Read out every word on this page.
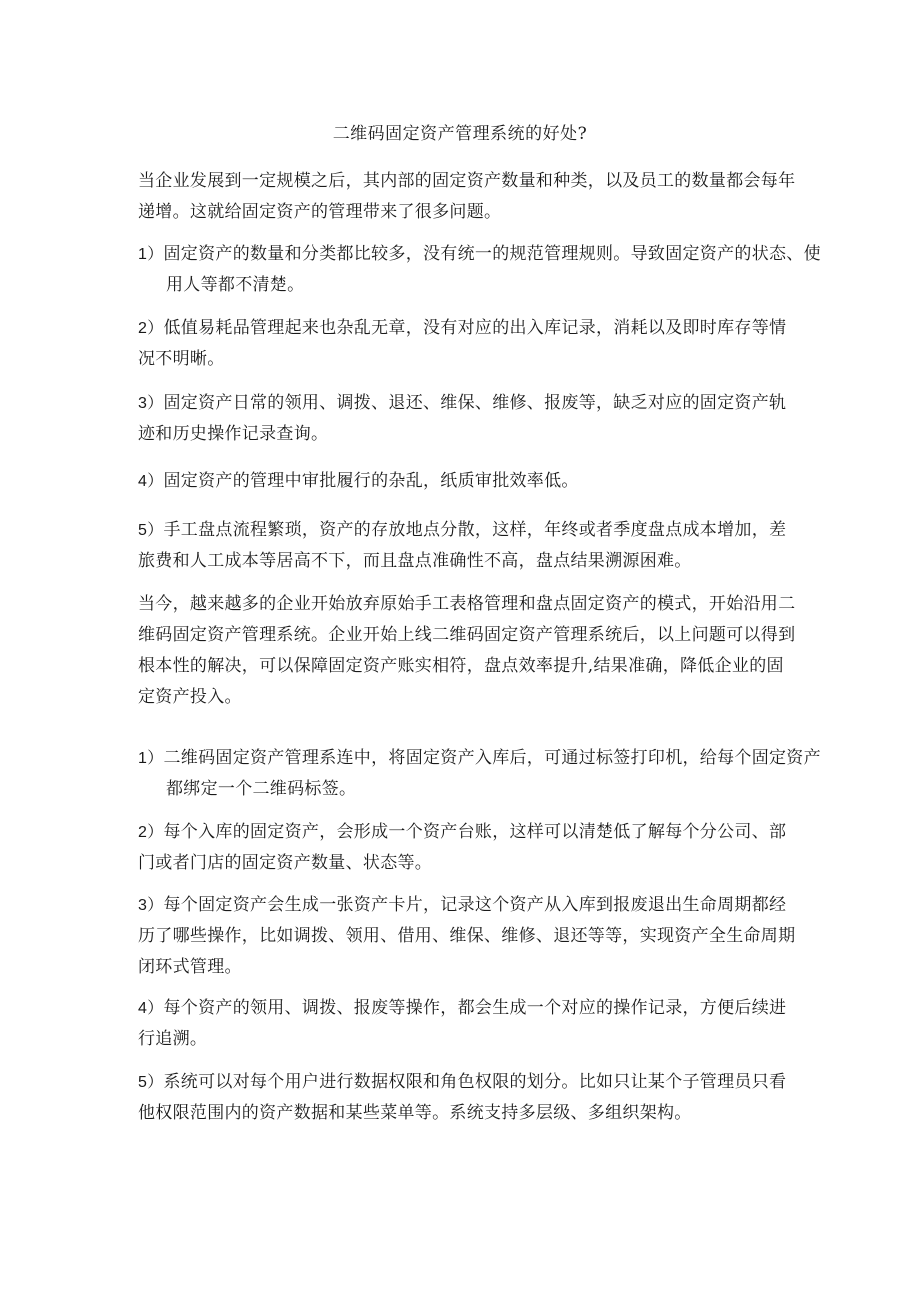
二维码固定资产管理系统的好处?

当企业发展到一定规模之后，其内部的固定资产数量和种类，以及员工的数量都会每年递增。这就给固定资产的管理带来了很多问题。

1）固定资产的数量和分类都比较多，没有统一的规范管理规则。导致固定资产的状态、使用人等都不清楚。

2）低值易耗品管理起来也杂乱无章，没有对应的出入库记录，消耗以及即时库存等情况不明晰。

3）固定资产日常的领用、调拨、退还、维保、维修、报废等，缺乏对应的固定资产轨迹和历史操作记录查询。

4）固定资产的管理中审批履行的杂乱，纸质审批效率低。

5）手工盘点流程繁琐，资产的存放地点分散，这样，年终或者季度盘点成本增加，差旅费和人工成本等居高不下，而且盘点准确性不高，盘点结果溯源困难。

当今，越来越多的企业开始放弃原始手工表格管理和盘点固定资产的模式，开始沿用二维码固定资产管理系统。企业开始上线二维码固定资产管理系统后，以上问题可以得到根本性的解决，可以保障固定资产账实相符，盘点效率提升,结果准确，降低企业的固定资产投入。

1）二维码固定资产管理系连中，将固定资产入库后，可通过标签打印机，给每个固定资产都绑定一个二维码标签。

2）每个入库的固定资产，会形成一个资产台账，这样可以清楚低了解每个分公司、部门或者门店的固定资产数量、状态等。

3）每个固定资产会生成一张资产卡片，记录这个资产从入库到报废退出生命周期都经历了哪些操作，比如调拨、领用、借用、维保、维修、退还等等，实现资产全生命周期闭环式管理。

4）每个资产的领用、调拨、报废等操作，都会生成一个对应的操作记录，方便后续进行追溯。

5）系统可以对每个用户进行数据权限和角色权限的划分。比如只让某个子管理员只看他权限范围内的资产数据和某些菜单等。系统支持多层级、多组织架构。
